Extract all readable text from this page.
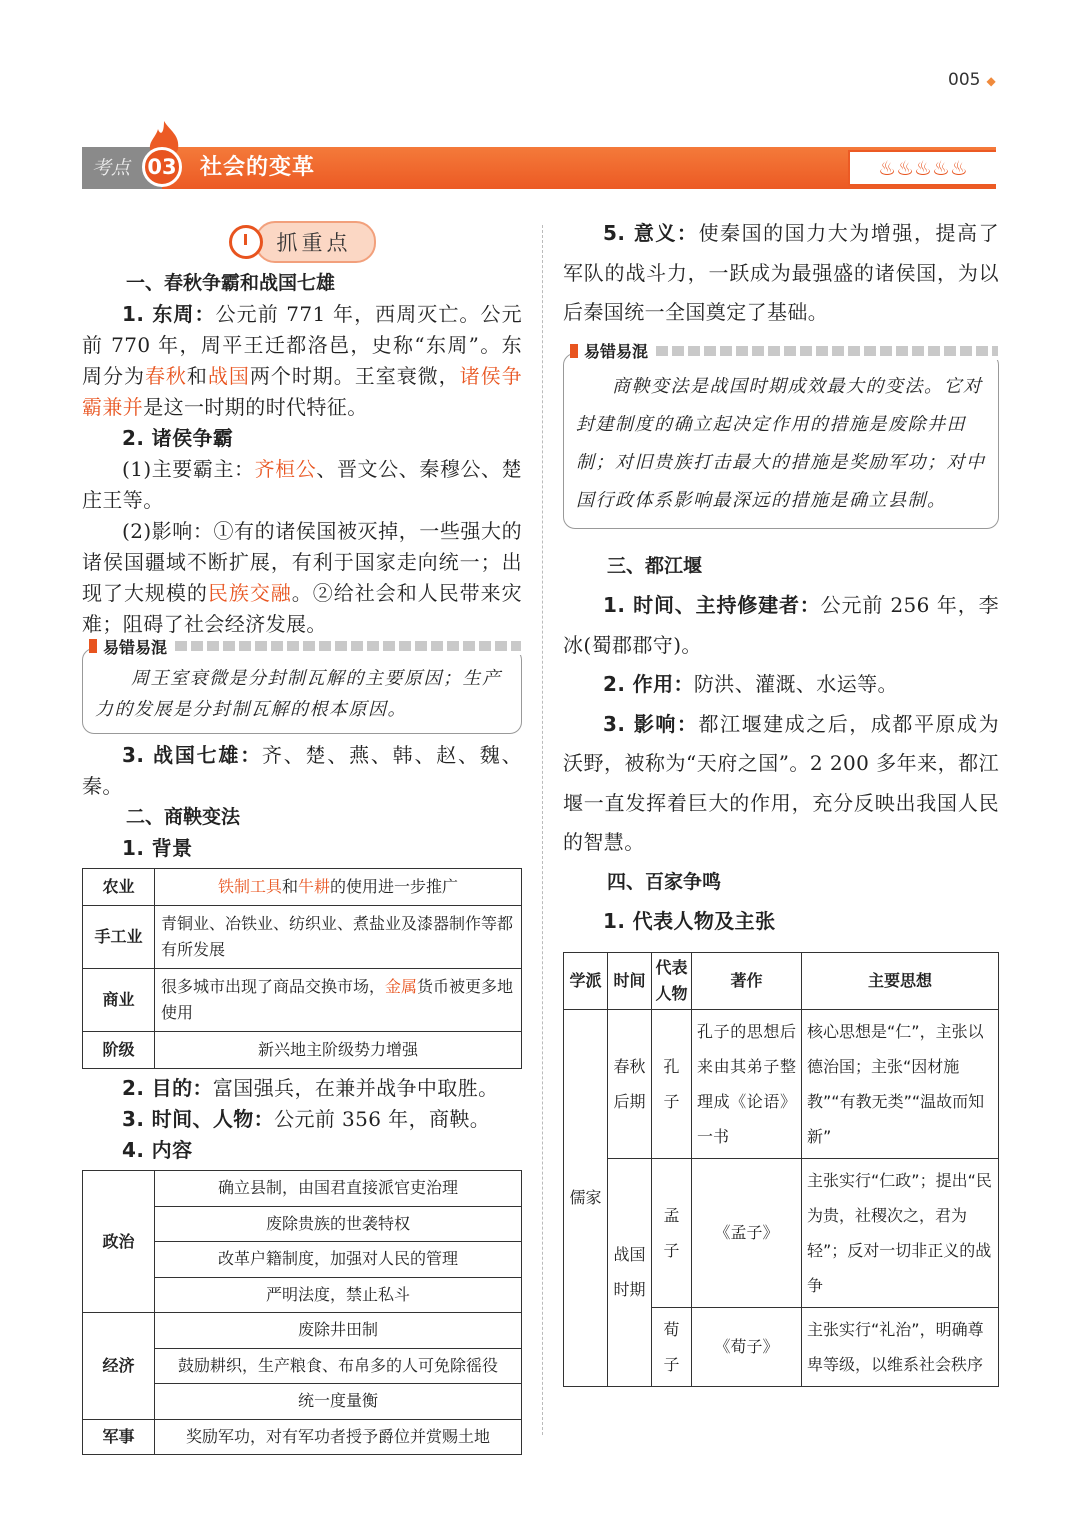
005 ◆
考点 03 社会的变革	♨♨♨♨♨
抓重点
一、春秋争霸和战国七雄

1. 东周：公元前 771 年，西周灭亡。公元前 770 年，周平王迁都洛邑，史称“东周”。东周分为春秋和战国两个时期。王室衰微，诸侯争霸兼并是这一时期的时代特征。

2. 诸侯争霸

(1)主要霸主：齐桓公、晋文公、秦穆公、楚庄王等。

(2)影响：①有的诸侯国被灭掉，一些强大的诸侯国疆域不断扩展，有利于国家走向统一；出现了大规模的民族交融。②给社会和人民带来灾难；阻碍了社会经济发展。

易错易混

周王室衰微是分封制瓦解的主要原因；生产力的发展是分封制瓦解的根本原因。

3. 战国七雄：齐、楚、燕、韩、赵、魏、秦。

二、商鞅变法

1. 背景

农业	铁制工具和牛耕的使用进一步推广
手工业	青铜业、冶铁业、纺织业、煮盐业及漆器制作等都有所发展
商业	很多城市出现了商品交换市场，金属货币被更多地使用
阶级	新兴地主阶级势力增强

2. 目的：富国强兵，在兼并战争中取胜。

3. 时间、人物：公元前 356 年，商鞅。

4. 内容

政治	确立县制，由国君直接派官吏治理
	废除贵族的世袭特权
	改革户籍制度，加强对人民的管理
	严明法度，禁止私斗
经济	废除井田制
	鼓励耕织，生产粮食、布帛多的人可免除徭役
	统一度量衡
军事	奖励军功，对有军功者授予爵位并赏赐土地

5. 意义：使秦国的国力大为增强，提高了军队的战斗力，一跃成为最强盛的诸侯国，为以后秦国统一全国奠定了基础。

易错易混

商鞅变法是战国时期成效最大的变法。它对封建制度的确立起决定作用的措施是废除井田制；对旧贵族打击最大的措施是奖励军功；对中国行政体系影响最深远的措施是确立县制。

三、都江堰

1. 时间、主持修建者：公元前 256 年，李冰(蜀郡郡守)。

2. 作用：防洪、灌溉、水运等。

3. 影响：都江堰建成之后，成都平原成为沃野，被称为“天府之国”。2 200 多年来，都江堰一直发挥着巨大的作用，充分反映出我国人民的智慧。

四、百家争鸣

1. 代表人物及主张

学派	时间	代表人物	著作	主要思想
儒家	春秋后期	孔子	孔子的思想后来由其弟子整理成《论语》一书	核心思想是“仁”，主张以德治国；主张“因材施教”“有教无类”“温故而知新”
	战国时期	孟子	《孟子》	主张实行“仁政”；提出“民为贵，社稷次之，君为轻”；反对一切非正义的战争
		荀子	《荀子》	主张实行“礼治”，明确尊卑等级，以维系社会秩序
